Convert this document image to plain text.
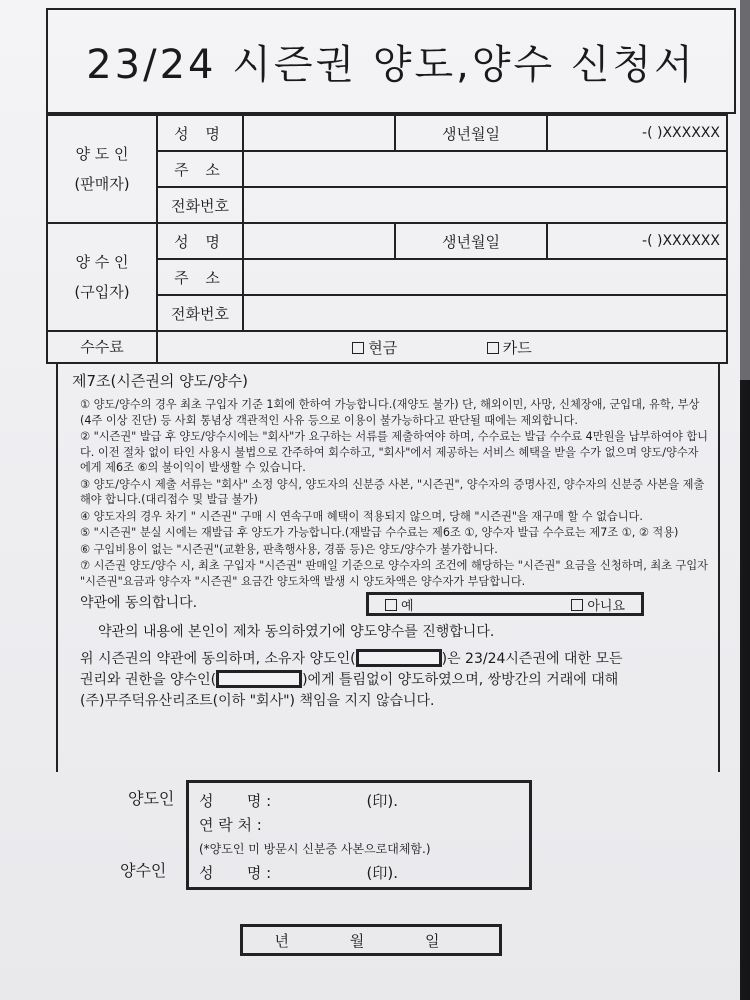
23/24 시즌권 양도,양수 신청서
양 도 인
(판매자)	성 명		생년월일	-( )XXXXXX
	주 소			
	전화번호			

양 수 인
(구입자)	성 명		생년월일	-( )XXXXXX
	주 소			
	전화번호			
수수료	현금 카드			
제7조(시즌권의 양도/양수)
① 양도/양수의 경우 최초 구입자 기준 1회에 한하여 가능합니다.(재양도 불가) 단, 해외이민, 사망, 신체장애, 군입대, 유학, 부상(4주 이상 진단) 등 사회 통념상 객관적인 사유 등으로 이용이 불가능하다고 판단될 때에는 제외합니다.
② "시즌권" 발급 후 양도/양수시에는 "회사"가 요구하는 서류를 제출하여야 하며, 수수료는 발급 수수료 4만원을 납부하여야 합니다. 이전 절차 없이 타인 사용시 불법으로 간주하여 회수하고, "회사"에서 제공하는 서비스 혜택을 받을 수가 없으며 양도/양수자에게 제6조 ⑥의 불이익이 발생할 수 있습니다.
③ 양도/양수시 제출 서류는 "회사" 소정 양식, 양도자의 신분증 사본, "시즌권", 양수자의 증명사진, 양수자의 신분증 사본을 제출해야 합니다.(대리접수 및 발급 불가)
④ 양도자의 경우 차기 " 시즌권" 구매 시 연속구매 혜택이 적용되지 않으며, 당해 "시즌권"을 재구매 할 수 없습니다.
⑤ "시즌권" 분실 시에는 재발급 후 양도가 가능합니다.(재발급 수수료는 제6조 ①, 양수자 발급 수수료는 제7조 ①, ② 적용)
⑥ 구입비용이 없는 "시즌권"(교환용, 판촉행사용, 경품 등)은 양도/양수가 불가합니다.
⑦ 시즌권 양도/양수 시, 최초 구입자 "시즌권" 판매일 기준으로 양수자의 조건에 해당하는 "시즌권" 요금을 신청하며, 최초 구입자 "시즌권"요금과 양수자 "시즌권" 요금간 양도차액 발생 시 양도차액은 양수자가 부담합니다.
약관에 동의합니다.	예	아니요
약관의 내용에 본인이 제차 동의하였기에 양도양수를 진행합니다.
위 시즌권의 약관에 동의하며, 소유자 양도인(	)은 23/24시즌권에 대한 모든
권리와 권한을 양수인(	)에게 틀림없이 양도하였으며, 쌍방간의 거래에 대해
(주)무주덕유산리조트(이하 "회사") 책임을 지지 않습니다.
양도인
양수인
성       명 :                    (印).
연 락 처 :
(*양도인 미 방문시 신분증 사본으로대체함.)
성       명 :                    (印).
년 월 일
